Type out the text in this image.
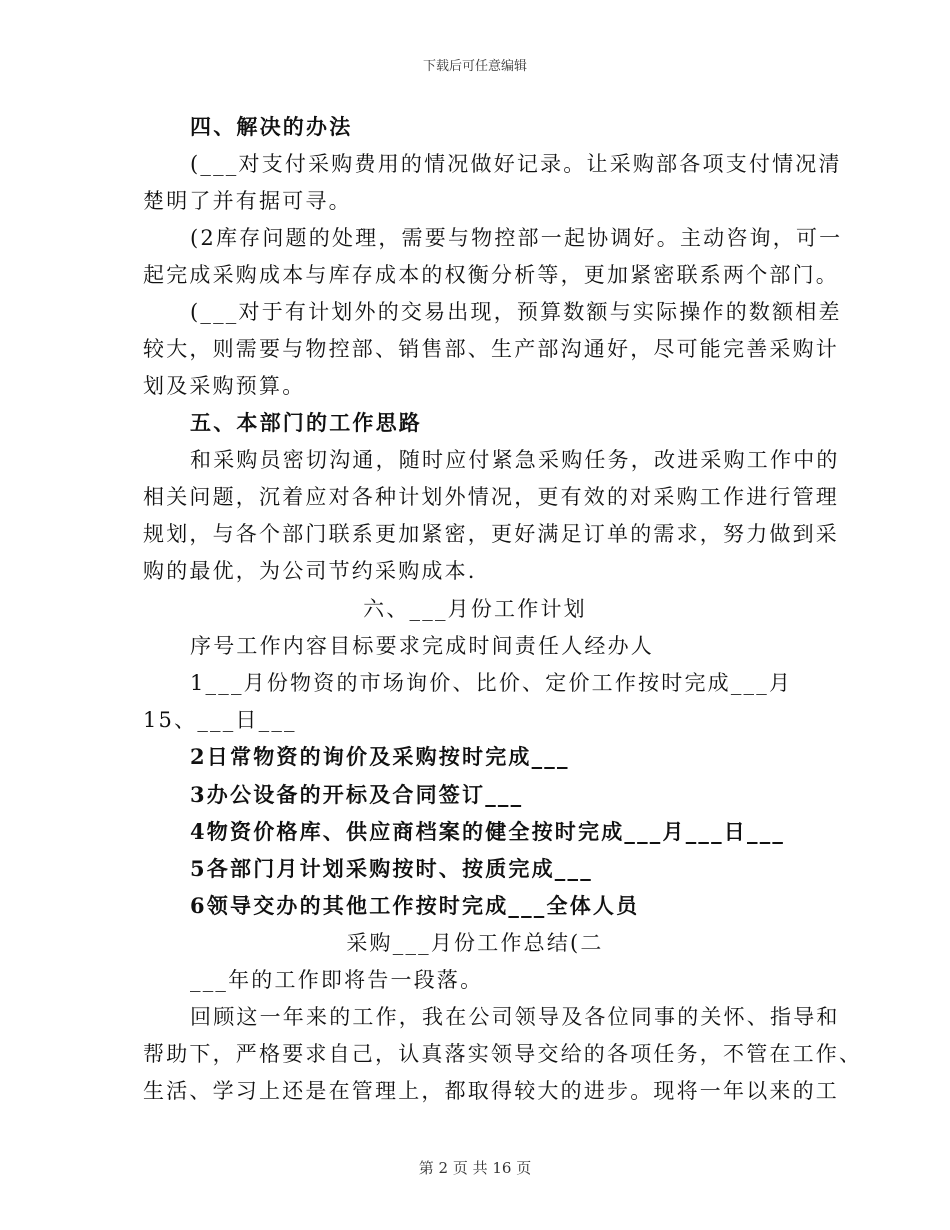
下载后可任意编辑
四、解决的办法
(___对支付采购费用的情况做好记录。让采购部各项支付情况清
楚明了并有据可寻。
(2库存问题的处理，需要与物控部一起协调好。主动咨询，可一
起完成采购成本与库存成本的权衡分析等，更加紧密联系两个部门。
(___对于有计划外的交易出现，预算数额与实际操作的数额相差
较大，则需要与物控部、销售部、生产部沟通好，尽可能完善采购计
划及采购预算。
五、本部门的工作思路
和采购员密切沟通，随时应付紧急采购任务，改进采购工作中的
相关问题，沉着应对各种计划外情况，更有效的对采购工作进行管理
规划，与各个部门联系更加紧密，更好满足订单的需求，努力做到采
购的最优，为公司节约采购成本.
六、___月份工作计划
序号工作内容目标要求完成时间责任人经办人
1___月份物资的市场询价、比价、定价工作按时完成___月
15、___日___
2日常物资的询价及采购按时完成___
3办公设备的开标及合同签订___
4物资价格库、供应商档案的健全按时完成___月___日___
5各部门月计划采购按时、按质完成___
6领导交办的其他工作按时完成___全体人员
采购___月份工作总结(二
___年的工作即将告一段落。
回顾这一年来的工作，我在公司领导及各位同事的关怀、指导和
帮助下，严格要求自己，认真落实领导交给的各项任务，不管在工作、
生活、学习上还是在管理上，都取得较大的进步。现将一年以来的工
第 2 页 共 16 页
